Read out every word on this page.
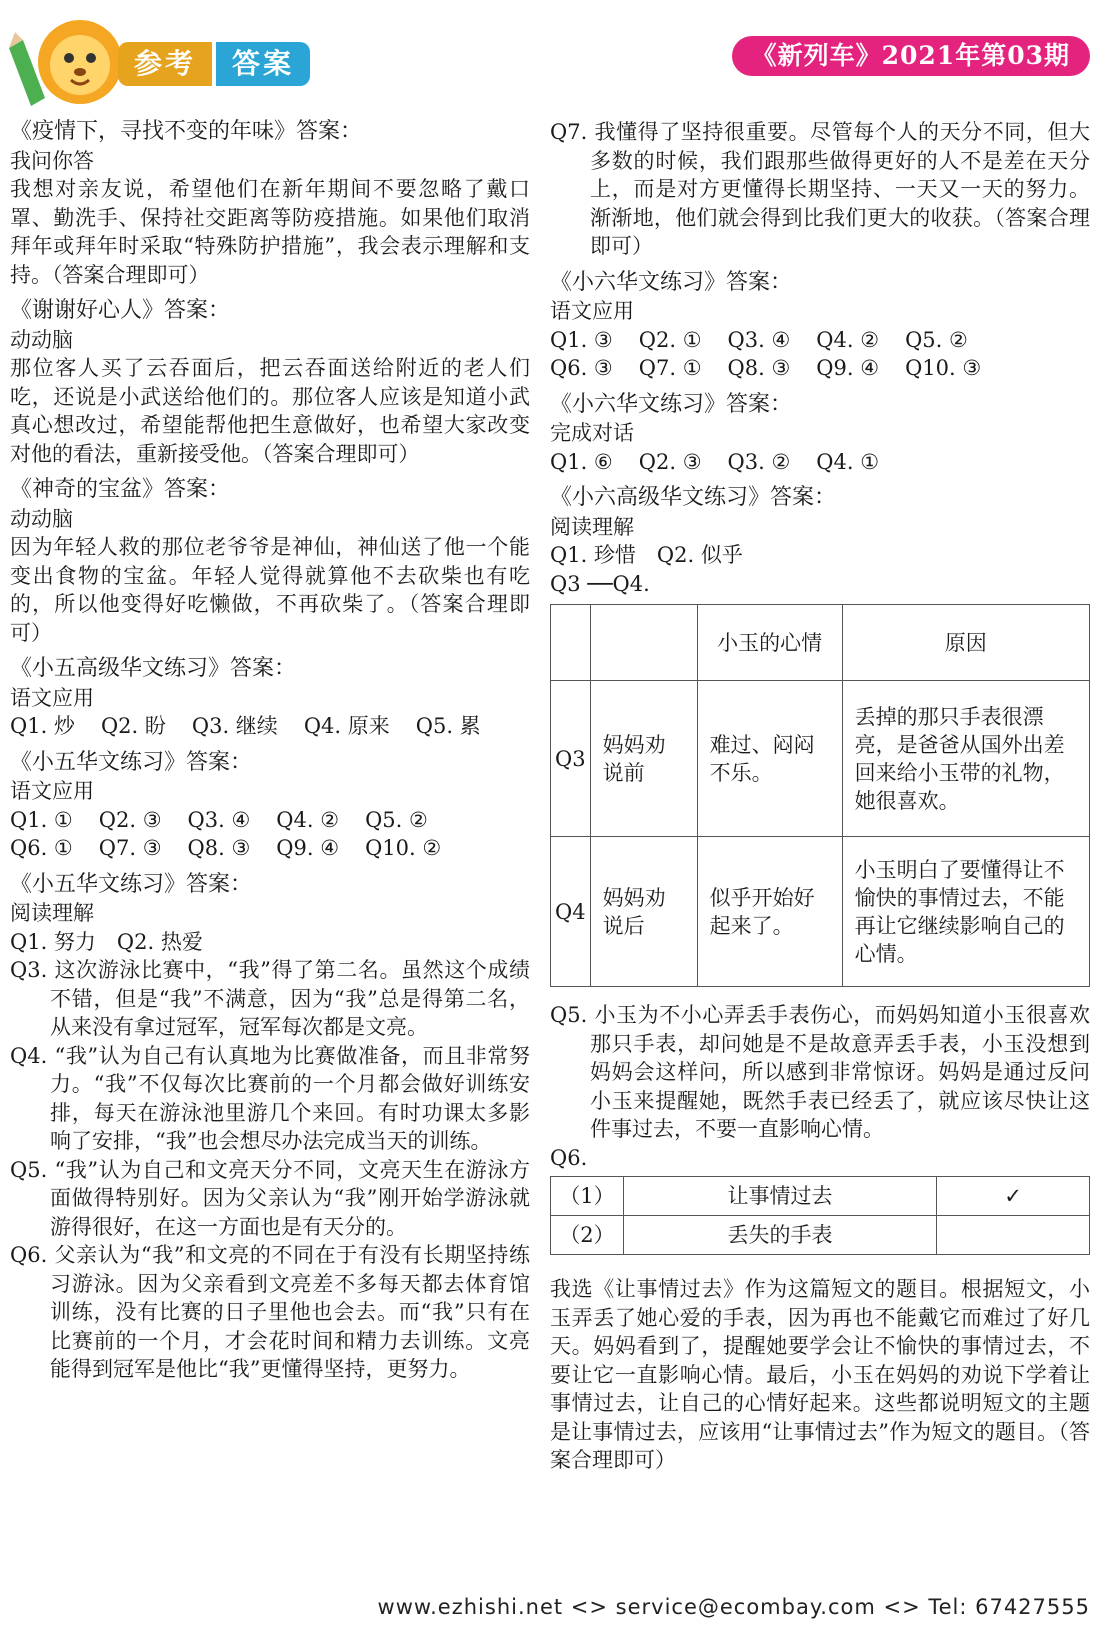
参考	答案	《新列车》2021年第03期
《疫情下，寻找不变的年味》答案：
我问你答

我想对亲友说，希望他们在新年期间不要忽略了戴口罩、勤洗手、保持社交距离等防疫措施。如果他们取消拜年或拜年时采取“特殊防护措施”，我会表示理解和支持。（答案合理即可）

《谢谢好心人》答案：
动动脑

那位客人买了云吞面后，把云吞面送给附近的老人们吃，还说是小武送给他们的。那位客人应该是知道小武真心想改过，希望能帮他把生意做好，也希望大家改变对他的看法，重新接受他。（答案合理即可）

《神奇的宝盆》答案：
动动脑

因为年轻人救的那位老爷爷是神仙，神仙送了他一个能变出食物的宝盆。年轻人觉得就算他不去砍柴也有吃的，所以他变得好吃懒做，不再砍柴了。（答案合理即可）

《小五高级华文练习》答案：
语文应用
Q1. 炒 Q2. 盼 Q3. 继续 Q4. 原来 Q5. 累
《小五华文练习》答案：
语文应用
Q1. ① Q2. ③ Q3. ④ Q4. ② Q5. ②
Q6. ① Q7. ③ Q8. ③ Q9. ④ Q10. ②
《小五华文练习》答案：
阅读理解

Q1. 努力　Q2. 热爱

Q3. 这次游泳比赛中，“我”得了第二名。虽然这个成绩不错，但是“我”不满意，因为“我”总是得第二名，从来没有拿过冠军，冠军每次都是文亮。

Q4. “我”认为自己有认真地为比赛做准备，而且非常努力。“我”不仅每次比赛前的一个月都会做好训练安排，每天在游泳池里游几个来回。有时功课太多影响了安排，“我”也会想尽办法完成当天的训练。

Q5. “我”认为自己和文亮天分不同，文亮天生在游泳方面做得特别好。因为父亲认为“我”刚开始学游泳就游得很好，在这一方面也是有天分的。

Q6. 父亲认为“我”和文亮的不同在于有没有长期坚持练习游泳。因为父亲看到文亮差不多每天都去体育馆训练，没有比赛的日子里他也会去。而“我”只有在比赛前的一个月，才会花时间和精力去训练。文亮能得到冠军是他比“我”更懂得坚持，更努力。

Q7. 我懂得了坚持很重要。尽管每个人的天分不同，但大多数的时候，我们跟那些做得更好的人不是差在天分上，而是对方更懂得长期坚持、一天又一天的努力。渐渐地，他们就会得到比我们更大的收获。（答案合理即可）

《小六华文练习》答案：
语文应用
Q1. ③ Q2. ① Q3. ④ Q4. ② Q5. ②
Q6. ③ Q7. ① Q8. ③ Q9. ④ Q10. ③
《小六华文练习》答案：
完成对话
Q1. ⑥ Q2. ③ Q3. ② Q4. ①
《小六高级华文练习》答案：
阅读理解

Q1. 珍惜　Q2. 似乎

Q3 ──Q4.

		小玉的心情	原因
Q3	妈妈劝说前	难过、闷闷不乐。	丢掉的那只手表很漂亮，是爸爸从国外出差回来给小玉带的礼物，她很喜欢。
Q4	妈妈劝说后	似乎开始好起来了。	小玉明白了要懂得让不愉快的事情过去，不能再让它继续影响自己的心情。

Q5. 小玉为不小心弄丢手表伤心，而妈妈知道小玉很喜欢那只手表，却问她是不是故意弄丢手表，小玉没想到妈妈会这样问，所以感到非常惊讶。妈妈是通过反问小玉来提醒她，既然手表已经丢了，就应该尽快让这件事过去，不要一直影响心情。

Q6.

（1）	让事情过去	✓
（2）	丢失的手表	

我选《让事情过去》作为这篇短文的题目。根据短文，小玉弄丢了她心爱的手表，因为再也不能戴它而难过了好几天。妈妈看到了，提醒她要学会让不愉快的事情过去，不要让它一直影响心情。最后，小玉在妈妈的劝说下学着让事情过去，让自己的心情好起来。这些都说明短文的主题是让事情过去，应该用“让事情过去”作为短文的题目。（答案合理即可）

www.ezhishi.net <> service@ecombay.com <> Tel: 67427555
